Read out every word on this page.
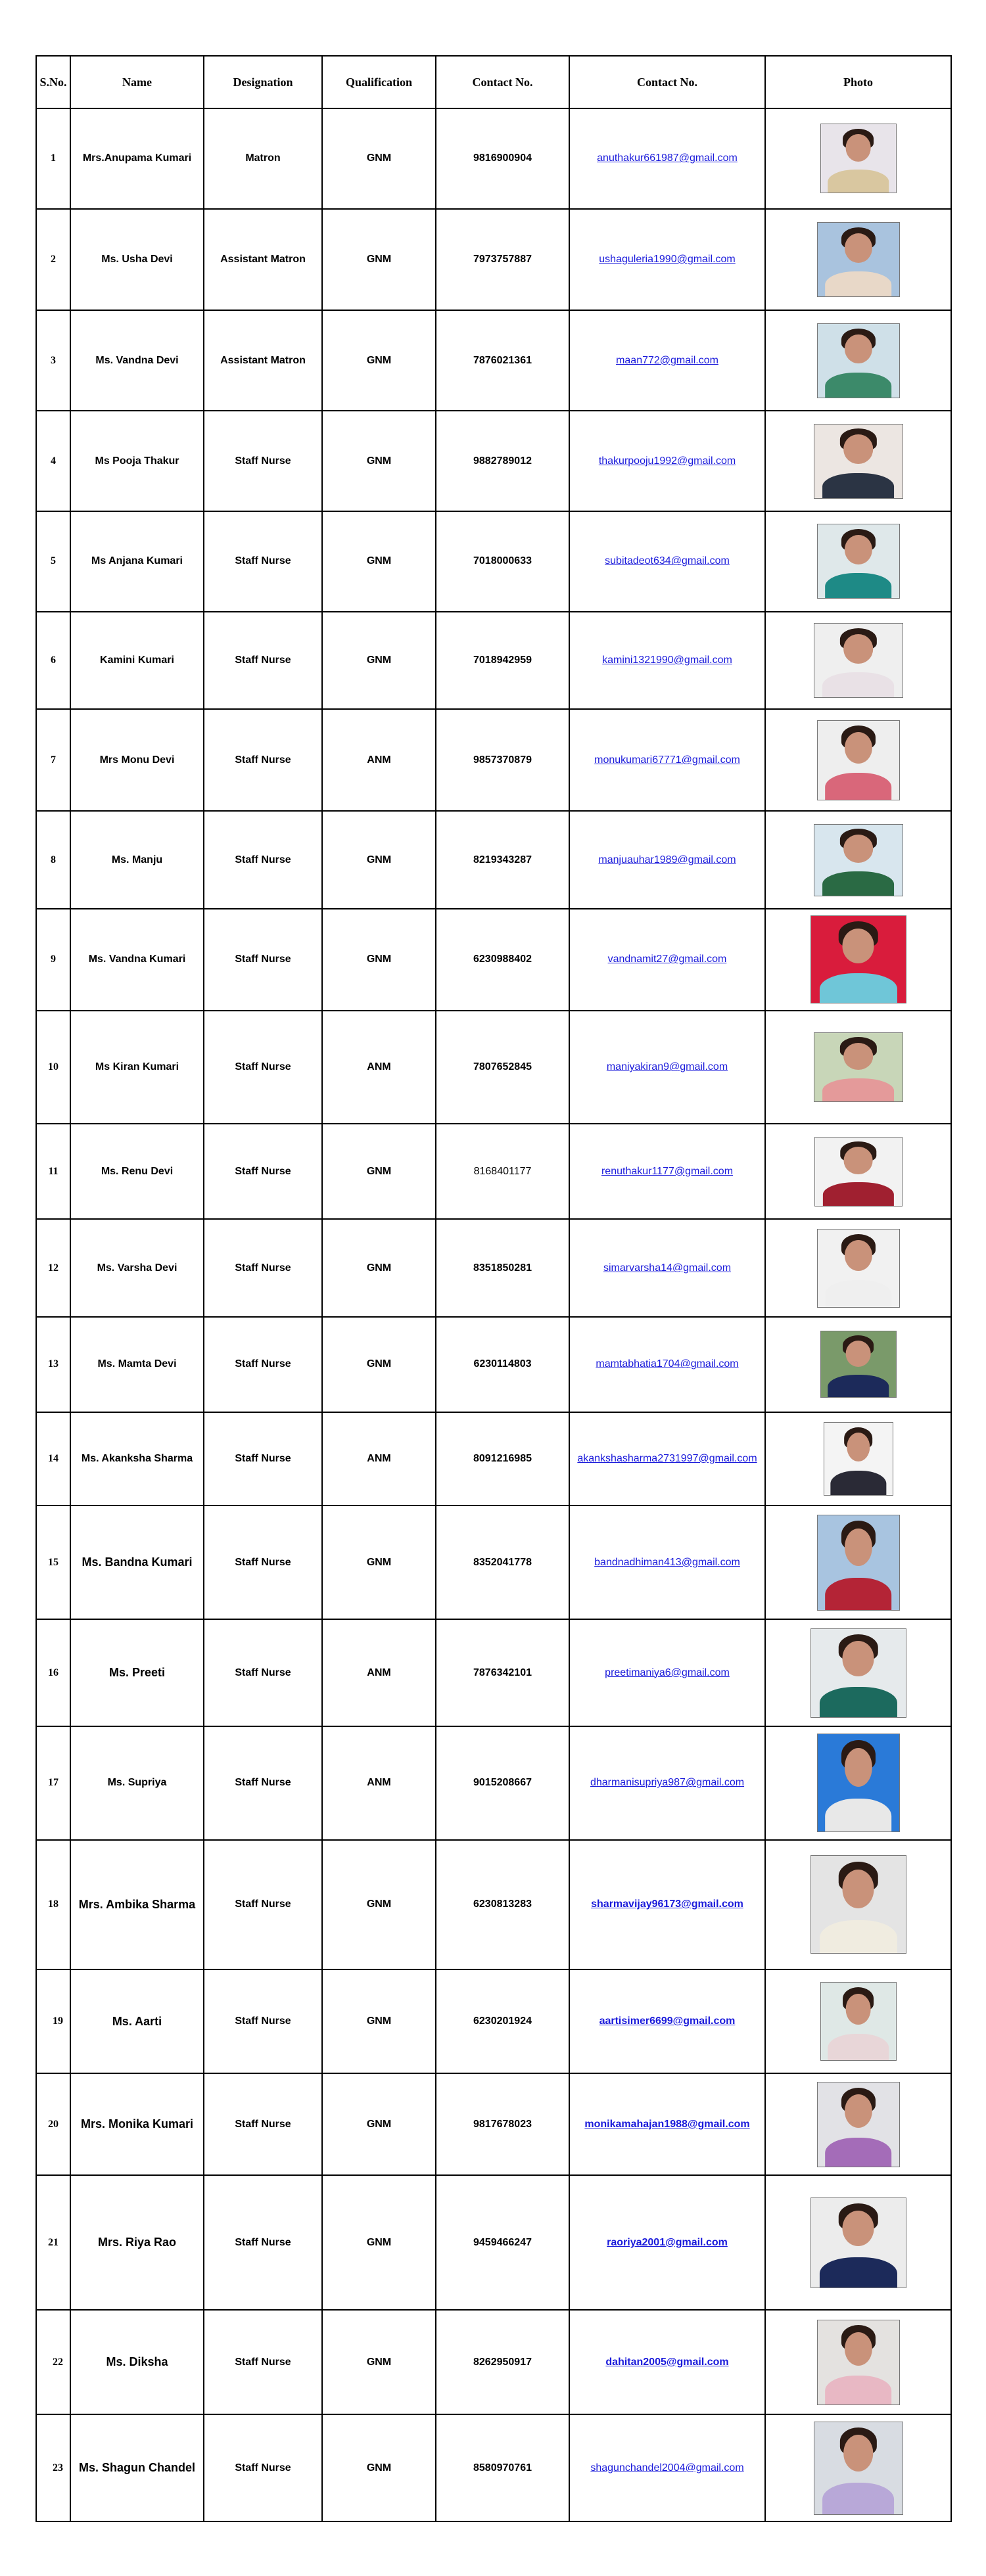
S.No.	Name	Designation	Qualification	Contact No.	Contact No.	Photo
1	Mrs.Anupama Kumari	Matron	GNM	9816900904	anuthakur661987@gmail.com	

2	Ms. Usha Devi	Assistant Matron	GNM	7973757887	ushaguleria1990@gmail.com	

3	Ms. Vandna Devi	Assistant Matron	GNM	7876021361	maan772@gmail.com	

4	Ms Pooja Thakur	Staff Nurse	GNM	9882789012	thakurpooju1992@gmail.com	

5	Ms Anjana Kumari	Staff Nurse	GNM	7018000633	subitadeot634@gmail.com	

6	Kamini Kumari	Staff Nurse	GNM	7018942959	kamini1321990@gmail.com	

7	Mrs Monu Devi	Staff Nurse	ANM	9857370879	monukumari67771@gmail.com	

8	Ms. Manju	Staff Nurse	GNM	8219343287	manjuauhar1989@gmail.com	

9	Ms. Vandna Kumari	Staff Nurse	GNM	6230988402	vandnamit27@gmail.com	

10	Ms Kiran Kumari	Staff Nurse	ANM	7807652845	maniyakiran9@gmail.com	

11	Ms. Renu Devi	Staff Nurse	GNM	8168401177	renuthakur1177@gmail.com	

12	Ms. Varsha Devi	Staff Nurse	GNM	8351850281	simarvarsha14@gmail.com	

13	Ms. Mamta Devi	Staff Nurse	GNM	6230114803	mamtabhatia1704@gmail.com	

14	Ms. Akanksha Sharma	Staff Nurse	ANM	8091216985	akankshasharma2731997@gmail.com	

15	Ms. Bandna Kumari	Staff Nurse	GNM	8352041778	bandnadhiman413@gmail.com	

16	Ms. Preeti	Staff Nurse	ANM	7876342101	preetimaniya6@gmail.com	

17	Ms. Supriya	Staff Nurse	ANM	9015208667	dharmanisupriya987@gmail.com	

18	Mrs. Ambika Sharma	Staff Nurse	GNM	6230813283	sharmavijay96173@gmail.com	

19	Ms. Aarti	Staff Nurse	GNM	6230201924	aartisimer6699@gmail.com	

20	Mrs. Monika Kumari	Staff Nurse	GNM	9817678023	monikamahajan1988@gmail.com	

21	Mrs. Riya Rao	Staff Nurse	GNM	9459466247	raoriya2001@gmail.com	

22	Ms. Diksha	Staff Nurse	GNM	8262950917	dahitan2005@gmail.com	

23	Ms. Shagun Chandel	Staff Nurse	GNM	8580970761	shagunchandel2004@gmail.com	
